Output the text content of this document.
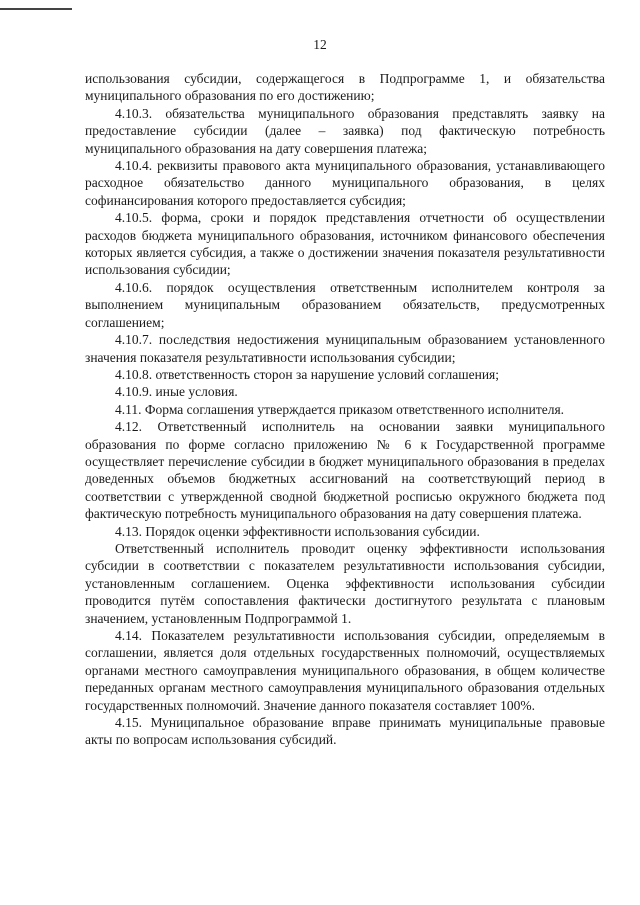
12

использования субсидии, содержащегося в Подпрограмме 1, и обязательства муниципального образования по его достижению;

4.10.3. обязательства муниципального образования представлять заявку на предоставление субсидии (далее – заявка) под фактическую потребность муниципального образования на дату совершения платежа;

4.10.4. реквизиты правового акта муниципального образования, устанавливающего расходное обязательство данного муниципального образования, в целях софинансирования которого предоставляется субсидия;

4.10.5. форма, сроки и порядок представления отчетности об осуществлении расходов бюджета муниципального образования, источником финансового обеспечения которых является субсидия, а также о достижении значения показателя результативности использования субсидии;

4.10.6. порядок осуществления ответственным исполнителем контроля за выполнением муниципальным образованием обязательств, предусмотренных соглашением;

4.10.7. последствия недостижения муниципальным образованием установленного значения показателя результативности использования субсидии;

4.10.8. ответственность сторон за нарушение условий соглашения;

4.10.9. иные условия.

4.11. Форма соглашения утверждается приказом ответственного исполнителя.

4.12. Ответственный исполнитель на основании заявки муниципального образования по форме согласно приложению № 6 к Государственной программе осуществляет перечисление субсидии в бюджет муниципального образования в пределах доведенных объемов бюджетных ассигнований на соответствующий период в соответствии с утвержденной сводной бюджетной росписью окружного бюджета под фактическую потребность муниципального образования на дату совершения платежа.

4.13. Порядок оценки эффективности использования субсидии.

Ответственный исполнитель проводит оценку эффективности использования субсидии в соответствии с показателем результативности использования субсидии, установленным соглашением. Оценка эффективности использования субсидии проводится путём сопоставления фактически достигнутого результата с плановым значением, установленным Подпрограммой 1.

4.14. Показателем результативности использования субсидии, определяемым в соглашении, является доля отдельных государственных полномочий, осуществляемых органами местного самоуправления муниципального образования, в общем количестве переданных органам местного самоуправления муниципального образования отдельных государственных полномочий. Значение данного показателя составляет 100%.

4.15. Муниципальное образование вправе принимать муниципальные правовые акты по вопросам использования субсидий.
